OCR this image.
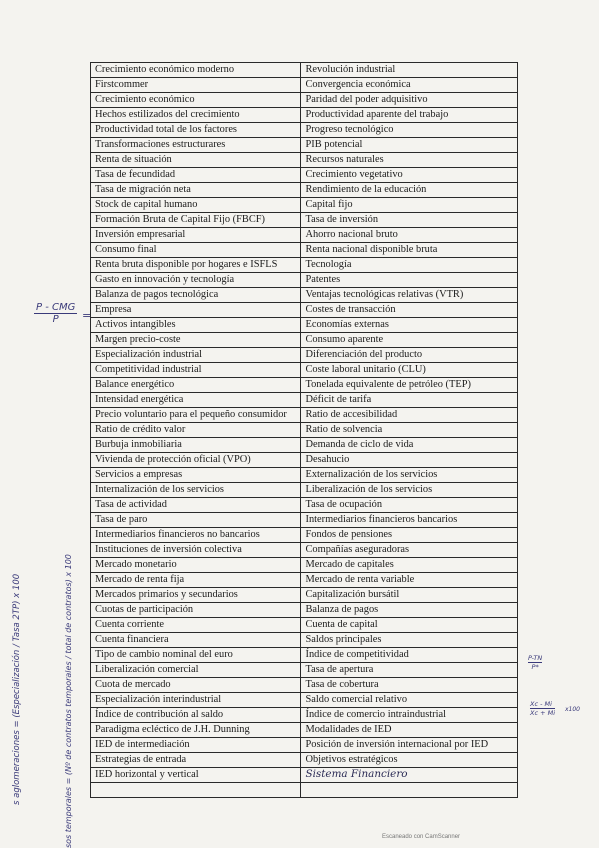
Crecimiento económico moderno	Revolución industrial
Firstcommer	Convergencia económica
Crecimiento económico	Paridad del poder adquisitivo
Hechos estilizados del crecimiento	Productividad aparente del trabajo
Productividad total de los factores	Progreso tecnológico
Transformaciones estructurares	PIB potencial
Renta de situación	Recursos naturales
Tasa de fecundidad	Crecimiento vegetativo
Tasa de migración neta	Rendimiento de la educación
Stock de capital humano	Capital fijo
Formación Bruta de Capital Fijo (FBCF)	Tasa de inversión
Inversión empresarial	Ahorro nacional bruto
Consumo final	Renta nacional disponible bruta
Renta bruta disponible por hogares e ISFLS	Tecnología
Gasto en innovación y tecnología	Patentes
Balanza de pagos tecnológica	Ventajas tecnológicas relativas (VTR)
Empresa	Costes de transacción
Activos intangibles	Economías externas
Margen precio-coste	Consumo aparente
Especialización industrial	Diferenciación del producto
Competitividad industrial	Coste laboral unitario (CLU)
Balance energético	Tonelada equivalente de petróleo (TEP)
Intensidad energética	Déficit de tarifa
Precio voluntario para el pequeño consumidor	Ratio de accesibilidad
Ratio de crédito valor	Ratio de solvencia
Burbuja inmobiliaria	Demanda de ciclo de vida
Vivienda de protección oficial (VPO)	Desahucio
Servicios a empresas	Externalización de los servicios
Internalización de los servicios	Liberalización de los servicios
Tasa de actividad	Tasa de ocupación
Tasa de paro	Intermediarios financieros bancarios
Intermediarios financieros no bancarios	Fondos de pensiones
Instituciones de inversión colectiva	Compañías aseguradoras
Mercado monetario	Mercado de capitales
Mercado de renta fija	Mercado de renta variable
Mercados primarios y secundarios	Capitalización bursátil
Cuotas de participación	Balanza de pagos
Cuenta corriente	Cuenta de capital
Cuenta financiera	Saldos principales
Tipo de cambio nominal del euro	Índice de competitividad
Liberalización comercial	Tasa de apertura
Cuota de mercado	Tasa de cobertura
Especialización interindustrial	Saldo comercial relativo
Índice de contribución al saldo	Índice de comercio intraindustrial
Paradigma ecléctico de J.H. Dunning	Modalidades de IED
IED de intermediación	Posición de inversión internacional por IED
Estrategias de entrada	Objetivos estratégicos
IED horizontal y vertical	Sistema Financiero

P - CMG
P	=
$\frac{P-TN}{P*}$
$\frac{Xc - Mi}{Xc + Mi} x100$
s aglomeraciones = (Especialización / Tasa 2TP) x 100	sos temporales = (Nº de contratos temporales / total de contratos) x 100	Escaneado con CamScanner
